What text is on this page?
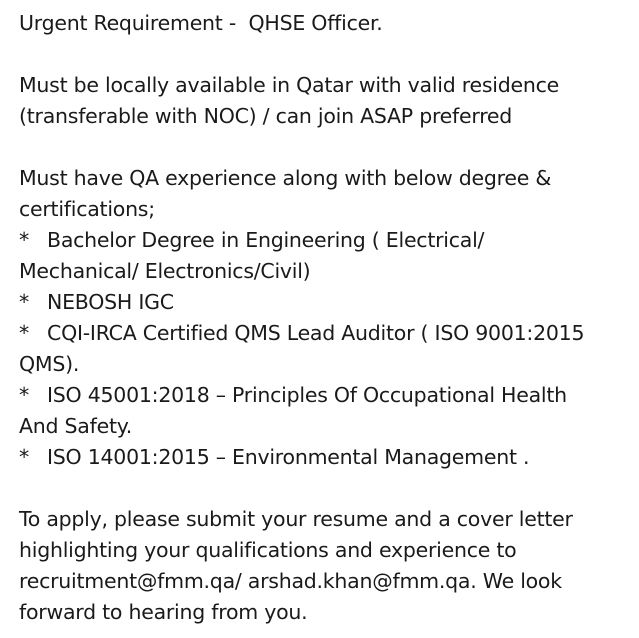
Urgent Requirement -  QHSE Officer.
Must be locally available in Qatar with valid residence
(transferable with NOC) / can join ASAP preferred
Must have QA experience along with below degree &
certifications;
* Bachelor Degree in Engineering ( Electrical/
Mechanical/ Electronics/Civil)
* NEBOSH IGC
* CQI-IRCA Certified QMS Lead Auditor ( ISO 9001:2015
QMS).
* ISO 45001:2018 – Principles Of Occupational Health
And Safety.
* ISO 14001:2015 – Environmental Management .
To apply, please submit your resume and a cover letter
highlighting your qualifications and experience to
recruitment@fmm.qa/ arshad.khan@fmm.qa. We look
forward to hearing from you.
